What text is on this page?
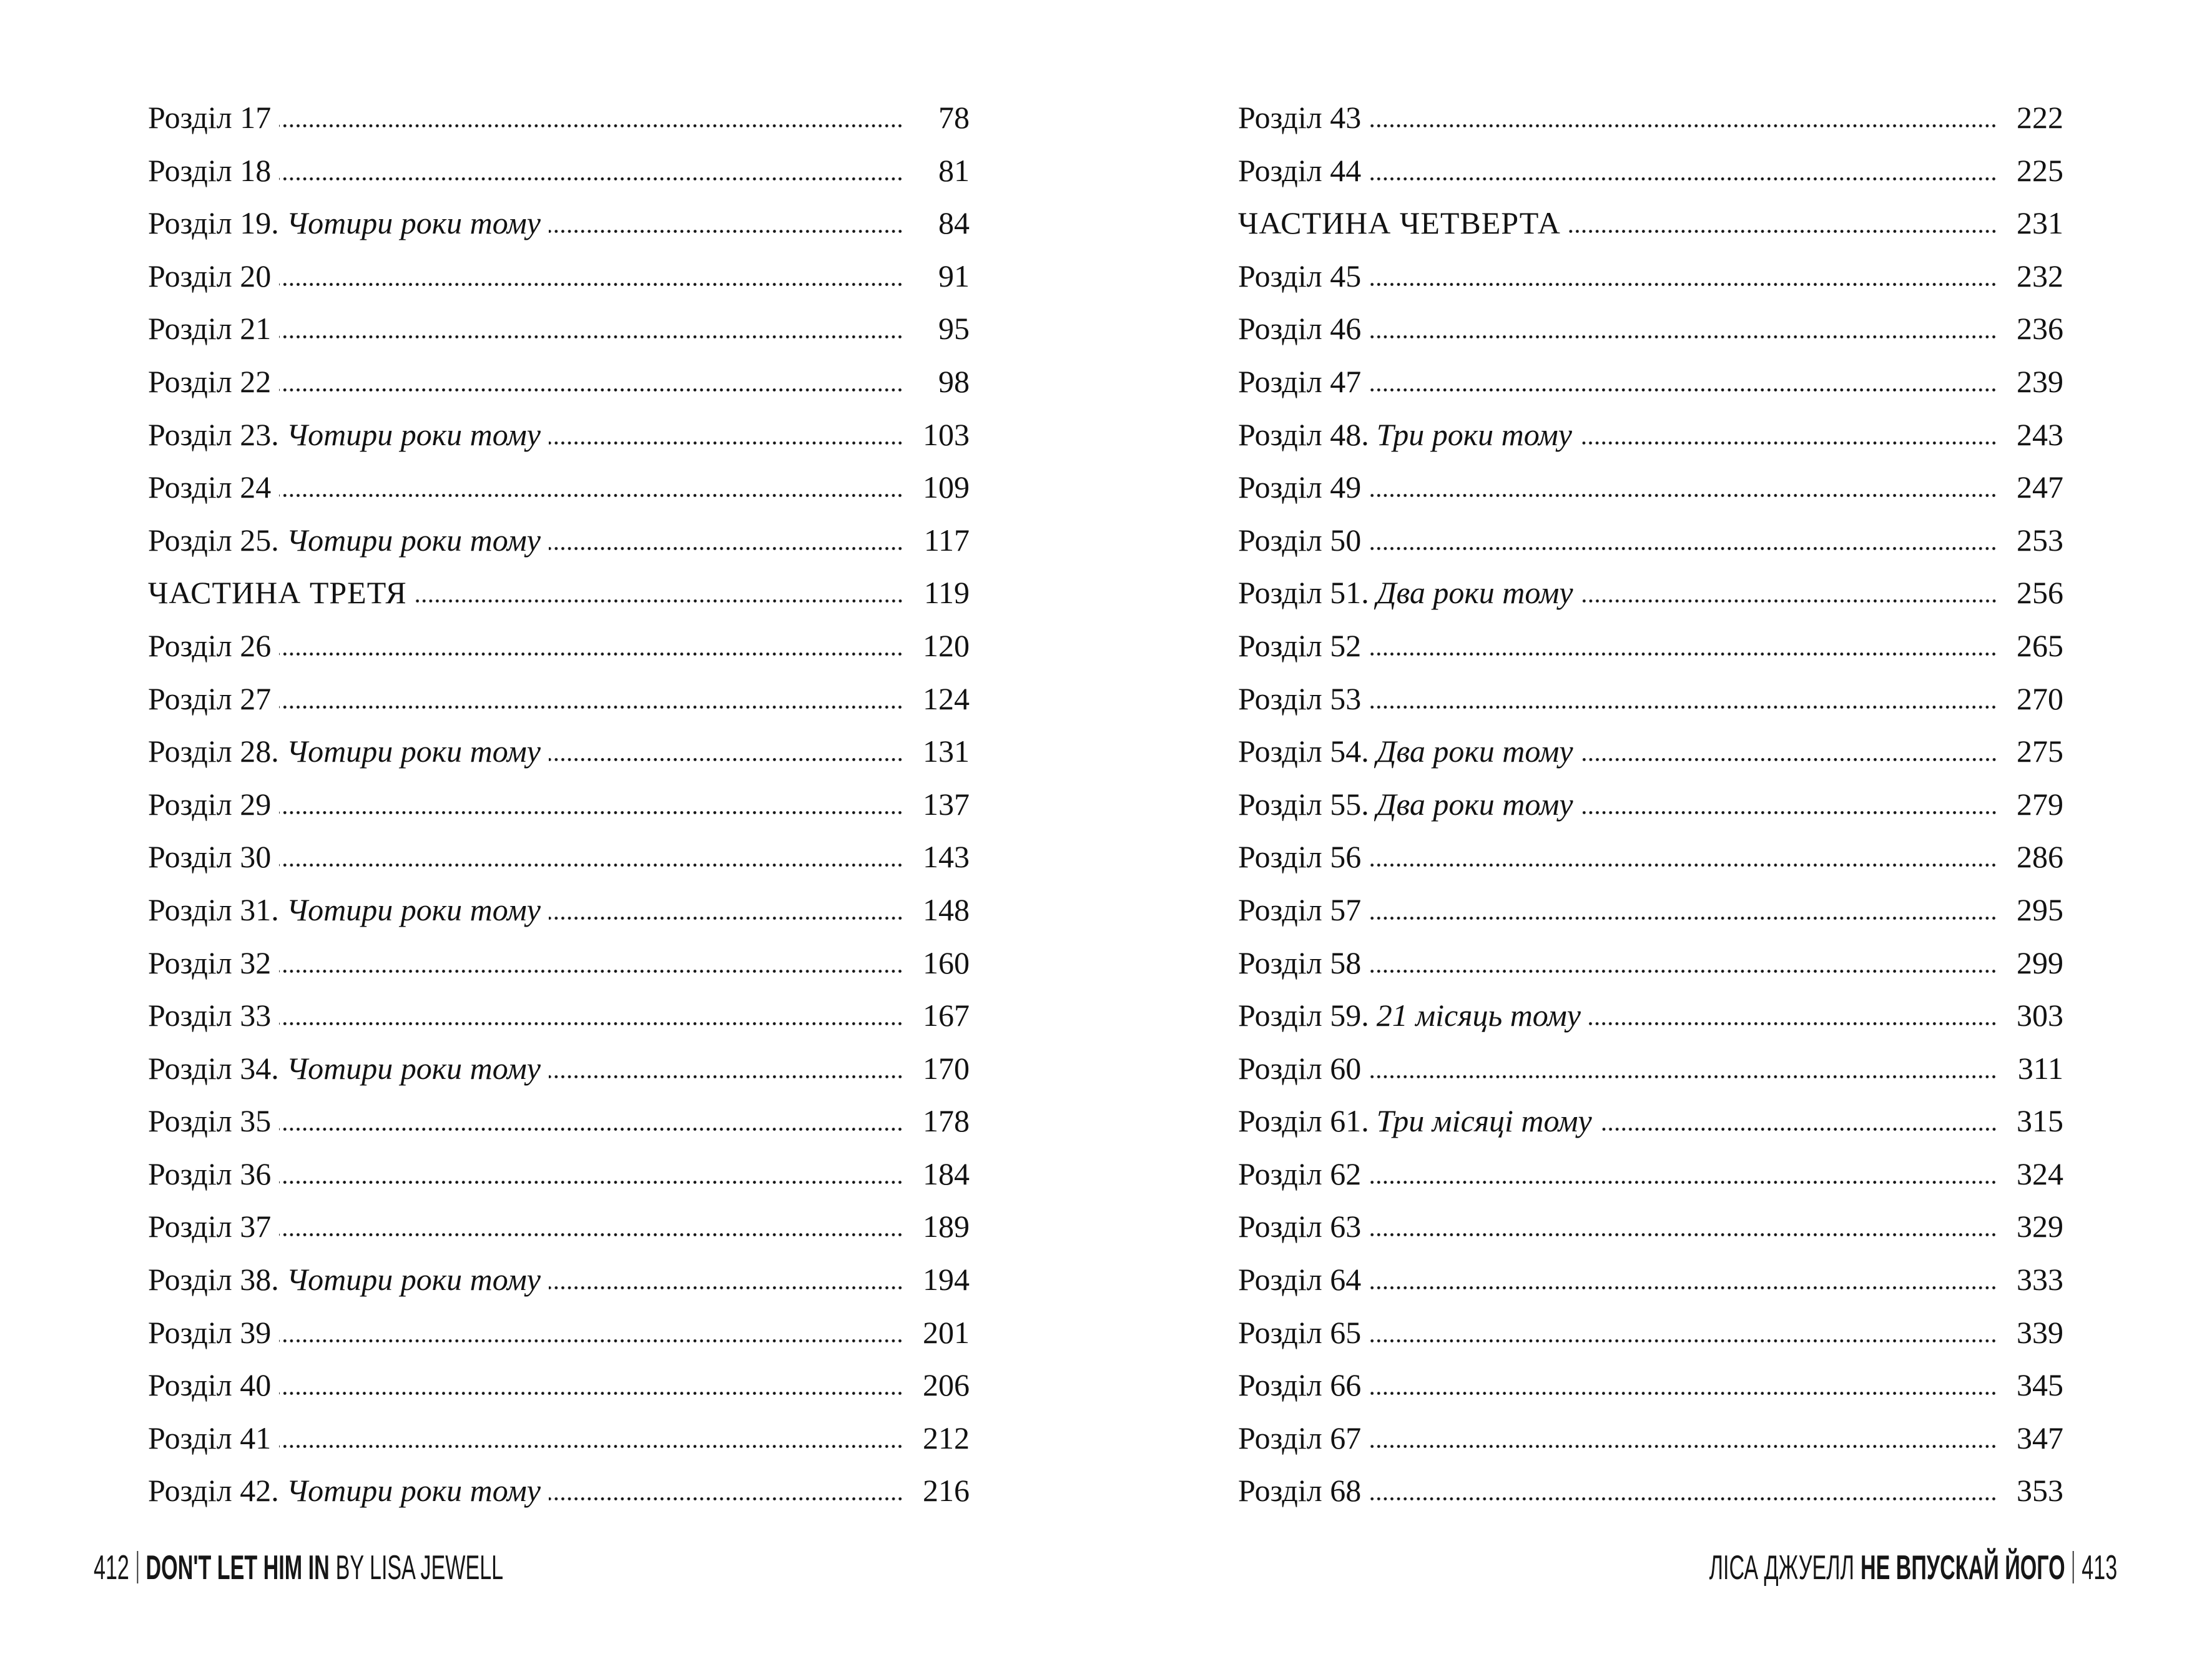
Розділ 17	78
Розділ 18	81
Розділ 19. Чотири роки тому	84
Розділ 20	91
Розділ 21	95
Розділ 22	98
Розділ 23. Чотири роки тому	103
Розділ 24	109
Розділ 25. Чотири роки тому	117
ЧАСТИНА ТРЕТЯ	119
Розділ 26	120
Розділ 27	124
Розділ 28. Чотири роки тому	131
Розділ 29	137
Розділ 30	143
Розділ 31. Чотири роки тому	148
Розділ 32	160
Розділ 33	167
Розділ 34. Чотири роки тому	170
Розділ 35	178
Розділ 36	184
Розділ 37	189
Розділ 38. Чотири роки тому	194
Розділ 39	201
Розділ 40	206
Розділ 41	212
Розділ 42. Чотири роки тому	216
Розділ 43	222
Розділ 44	225
ЧАСТИНА ЧЕТВЕРТА	231
Розділ 45	232
Розділ 46	236
Розділ 47	239
Розділ 48. Три роки тому	243
Розділ 49	247
Розділ 50	253
Розділ 51. Два роки тому	256
Розділ 52	265
Розділ 53	270
Розділ 54. Два роки тому	275
Розділ 55. Два роки тому	279
Розділ 56	286
Розділ 57	295
Розділ 58	299
Розділ 59. 21 місяць тому	303
Розділ 60	311
Розділ 61. Три місяці тому	315
Розділ 62	324
Розділ 63	329
Розділ 64	333
Розділ 65	339
Розділ 66	345
Розділ 67	347
Розділ 68	353
412 DON'T LET HIM IN BY LISA JEWELL	ЛІСА ДЖУЕЛЛ НЕ ВПУСКАЙ ЙОГО 413
